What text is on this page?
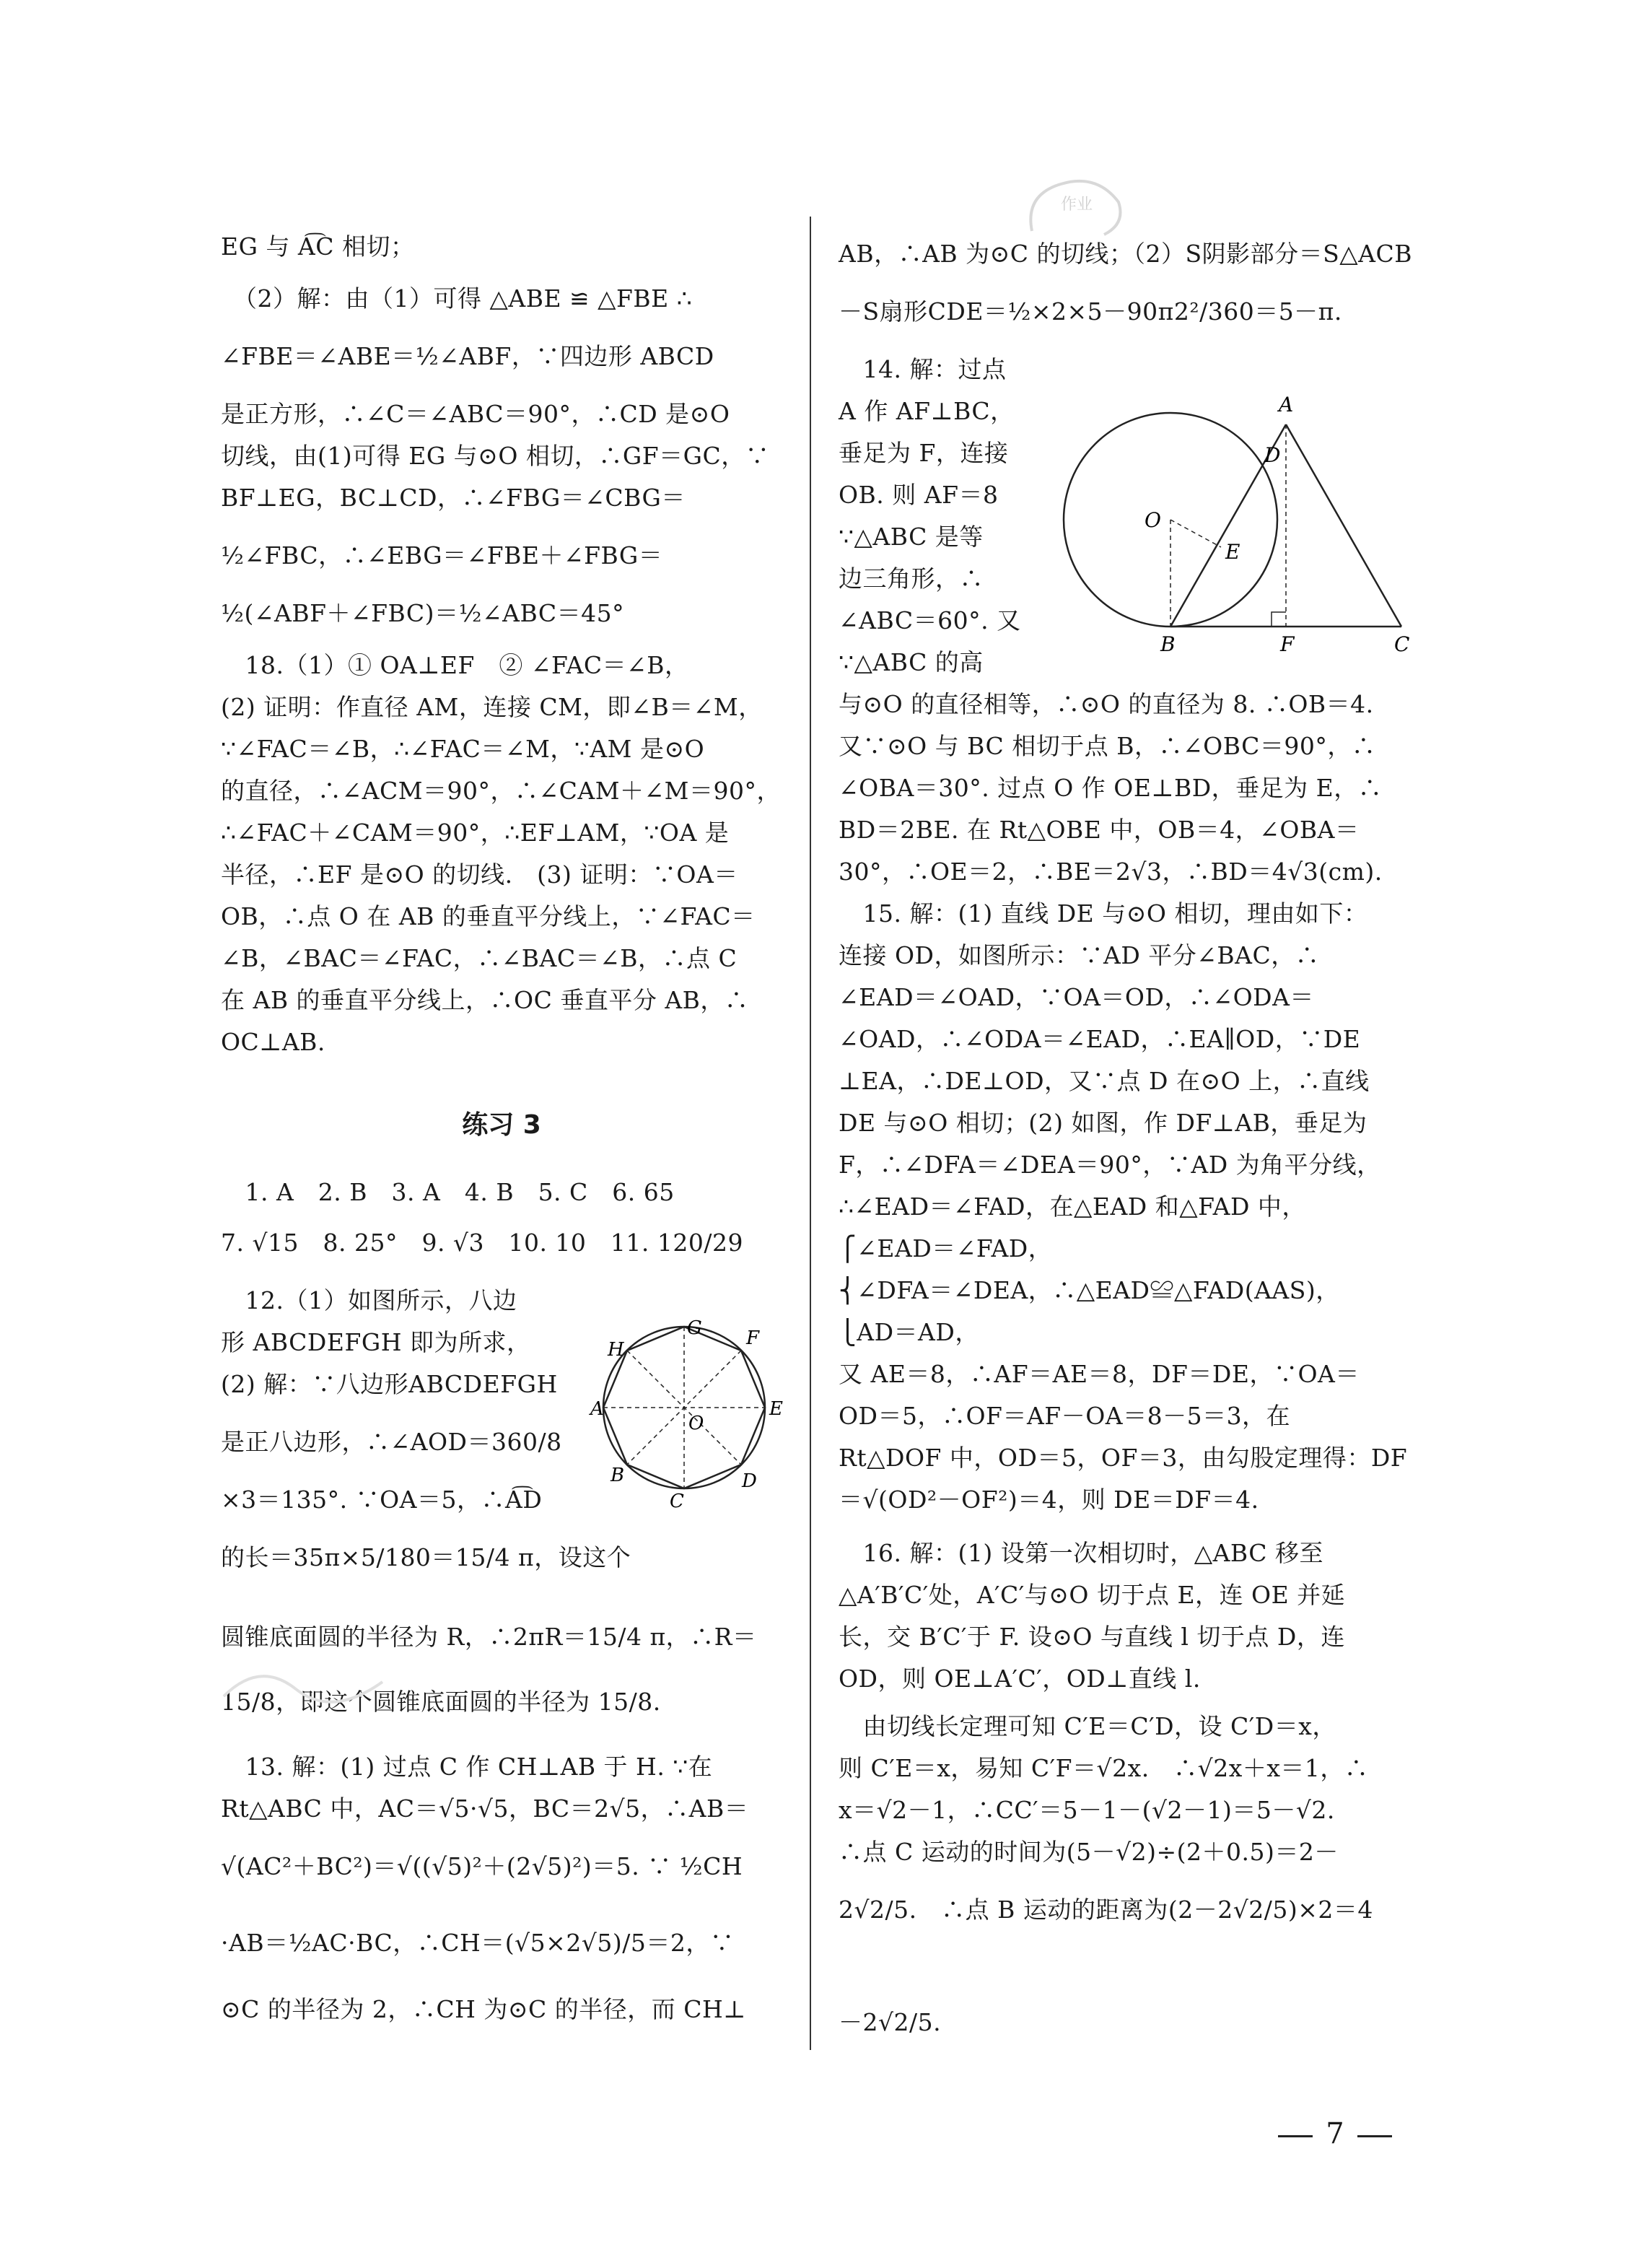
作业
EG 与 A͡C 相切；
　（2）解：由（1）可得 △ABE ≌ △FBE ∴
∠FBE＝∠ABE＝½∠ABF，∵四边形 ABCD
是正方形，∴∠C＝∠ABC＝90°，∴CD 是⊙O
切线，由(1)可得 EG 与⊙O 相切，∴GF＝GC，∵
BF⊥EG，BC⊥CD，∴∠FBG＝∠CBG＝
½∠FBC，∴∠EBG＝∠FBE＋∠FBG＝
½(∠ABF＋∠FBC)＝½∠ABC＝45°
　18.（1）① OA⊥EF　② ∠FAC＝∠B，
(2) 证明：作直径 AM，连接 CM，即∠B＝∠M，
∵∠FAC＝∠B，∴∠FAC＝∠M，∵AM 是⊙O
的直径，∴∠ACM＝90°，∴∠CAM＋∠M＝90°，
∴∠FAC＋∠CAM＝90°，∴EF⊥AM，∵OA 是
半径，∴EF 是⊙O 的切线.　(3) 证明：∵OA＝
OB，∴点 O 在 AB 的垂直平分线上，∵∠FAC＝
∠B，∠BAC＝∠FAC，∴∠BAC＝∠B，∴点 C
在 AB 的垂直平分线上，∴OC 垂直平分 AB，∴
OC⊥AB.
练习 3
　1. A　2. B　3. A　4. B　5. C　6. 65
7. √15　8. 25°　9. √3　10. 10　11. 120/29
　12.（1）如图所示，八边
形 ABCDEFGH 即为所求，
(2) 解：∵八边形ABCDEFGH
是正八边形，∴∠AOD＝360/8
×3＝135°. ∵OA＝5，∴A͡D
的长＝35π×5/180＝15/4 π，设这个
圆锥底面圆的半径为 R，∴2πR＝15/4 π，∴R＝
15/8，即这个圆锥底面圆的半径为 15/8.
　13. 解：(1) 过点 C 作 CH⊥AB 于 H. ∵在
Rt△ABC 中，AC＝√5·√5，BC＝2√5，∴AB＝
√(AC²＋BC²)＝√((√5)²＋(2√5)²)＝5. ∵ ½CH
·AB＝½AC·BC，∴CH＝(√5×2√5)/5＝2，∵
⊙C 的半径为 2，∴CH 为⊙C 的半径，而 CH⊥
A
B
C
D
E
F
G
H
O
AB，∴AB 为⊙C 的切线；（2）S阴影部分＝S△ACB
－S扇形CDE＝½×2×5－90π2²/360＝5－π.
　14. 解：过点
A 作 AF⊥BC，
垂足为 F，连接
OB. 则 AF＝8
∵△ABC 是等
边三角形，∴
∠ABC＝60°. 又
∵△ABC 的高
与⊙O 的直径相等，∴⊙O 的直径为 8. ∴OB＝4.
又∵⊙O 与 BC 相切于点 B，∴∠OBC＝90°，∴
∠OBA＝30°. 过点 O 作 OE⊥BD，垂足为 E，∴
BD＝2BE. 在 Rt△OBE 中，OB＝4，∠OBA＝
30°，∴OE＝2，∴BE＝2√3，∴BD＝4√3(cm).
　15. 解：(1) 直线 DE 与⊙O 相切，理由如下：
连接 OD，如图所示：∵AD 平分∠BAC，∴
∠EAD＝∠OAD，∵OA＝OD，∴∠ODA＝
∠OAD，∴∠ODA＝∠EAD，∴EA∥OD，∵DE
⊥EA，∴DE⊥OD，又∵点 D 在⊙O 上，∴直线
DE 与⊙O 相切；(2) 如图，作 DF⊥AB，垂足为
F，∴∠DFA＝∠DEA＝90°，∵AD 为角平分线，
∴∠EAD＝∠FAD，在△EAD 和△FAD 中，
⎧∠EAD＝∠FAD，
⎨∠DFA＝∠DEA，∴△EAD≌△FAD(AAS)，
⎩AD＝AD，
又 AE＝8，∴AF＝AE＝8，DF＝DE，∵OA＝
OD＝5，∴OF＝AF－OA＝8－5＝3，在
Rt△DOF 中，OD＝5，OF＝3，由勾股定理得：DF
＝√(OD²－OF²)＝4，则 DE＝DF＝4.
　16. 解：(1) 设第一次相切时，△ABC 移至
△A′B′C′处，A′C′与⊙O 切于点 E，连 OE 并延
长，交 B′C′于 F. 设⊙O 与直线 l 切于点 D，连
OD，则 OE⊥A′C′，OD⊥直线 l.
　由切线长定理可知 C′E＝C′D，设 C′D＝x，
则 C′E＝x，易知 C′F＝√2x.　∴√2x＋x＝1，∴
x＝√2－1，∴CC′＝5－1－(√2－1)＝5－√2.
∴点 C 运动的时间为(5－√2)÷(2＋0.5)＝2－
2√2/5.　∴点 B 运动的距离为(2－2√2/5)×2＝4
－2√2/5.
A
D
O
E
B	F	C
7
